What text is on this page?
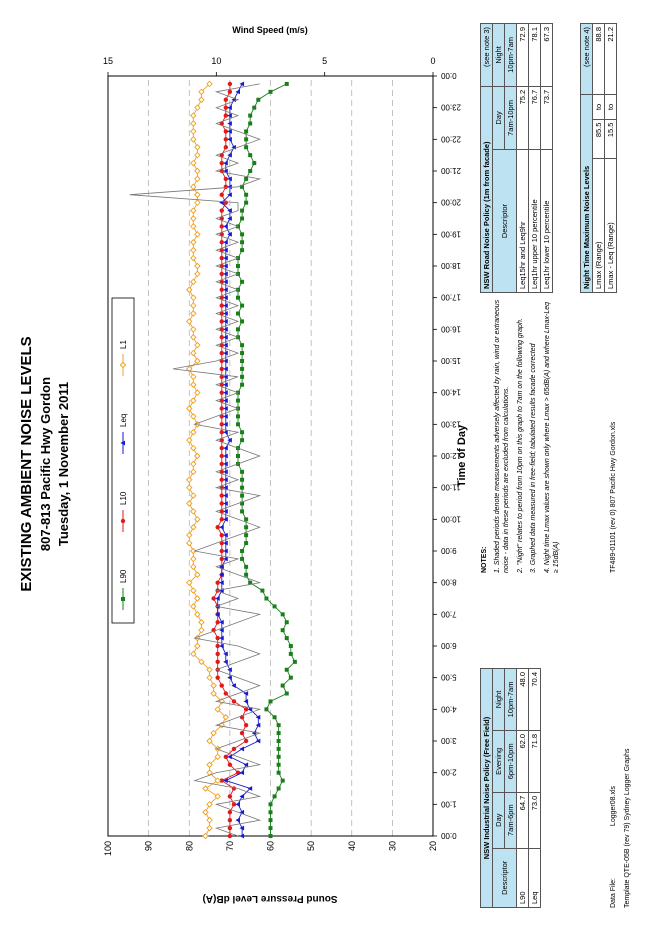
EXISTING AMBIENT NOISE LEVELS 807-813 Pacific Hwy Gordon Tuesday, 1 November 2011
0:00
1:00
2:00
3:00
4:00
5:00
6:00
7:00
8:00
9:00
10:00
11:00
12:00
13:00
14:00
15:00
16:00
17:00
18:00
19:00
20:00
21:00
22:00
23:00
0:00
20
30
40
50
60
70
80
90
100
0
5
10
15
Sound Pressure Level dB(A)
Time of Day
Wind Speed (m/s)
L90
L10
Leq
L1
NSW Industrial Noise Policy (Free Field)			
Descriptor	Day	Evening	Night
	7am-6pm	6pm-10pm	10pm-7am
L90	64.7	62.0	48.0
Leq	73.0	71.8	70.4

NOTES: 1. Shaded periods denote measurements adversely affected by rain, wind or extraneous noise - data in these periods are excluded from calculations. 2. "Night" relates to period from 10pm on this graph to 7am on the following graph. 3. Graphed data measured in free-field; tabulated results facade corrected 4. Night time Lmax values are shown only where Lmax > 65dB(A) and where Lmax-Leq ≥ 15dB(A)

NSW Road Noise Policy (1m from facade)		(see note 3)
Descriptor	Day	Night
	7am-10pm	10pm-7am
Leq15hr and Leq9hr	75.2	72.9
Leq1hr upper 10 percentile	76.7	78.1
Leq1hr lower 10 percentile	73.7	67.3
Night Time Maximum Noise Levels			(see note 4)
Lmax (Range)	85.5	to	88.8
Lmax - Leq (Range)	15.5	to	21.2
Data File: Logger08.xls Template QTE-05B (rev 79) Sydney Logger Graphs
TF489-01101 (rev 0) 807 Pacific Hwy Gordon.xls
